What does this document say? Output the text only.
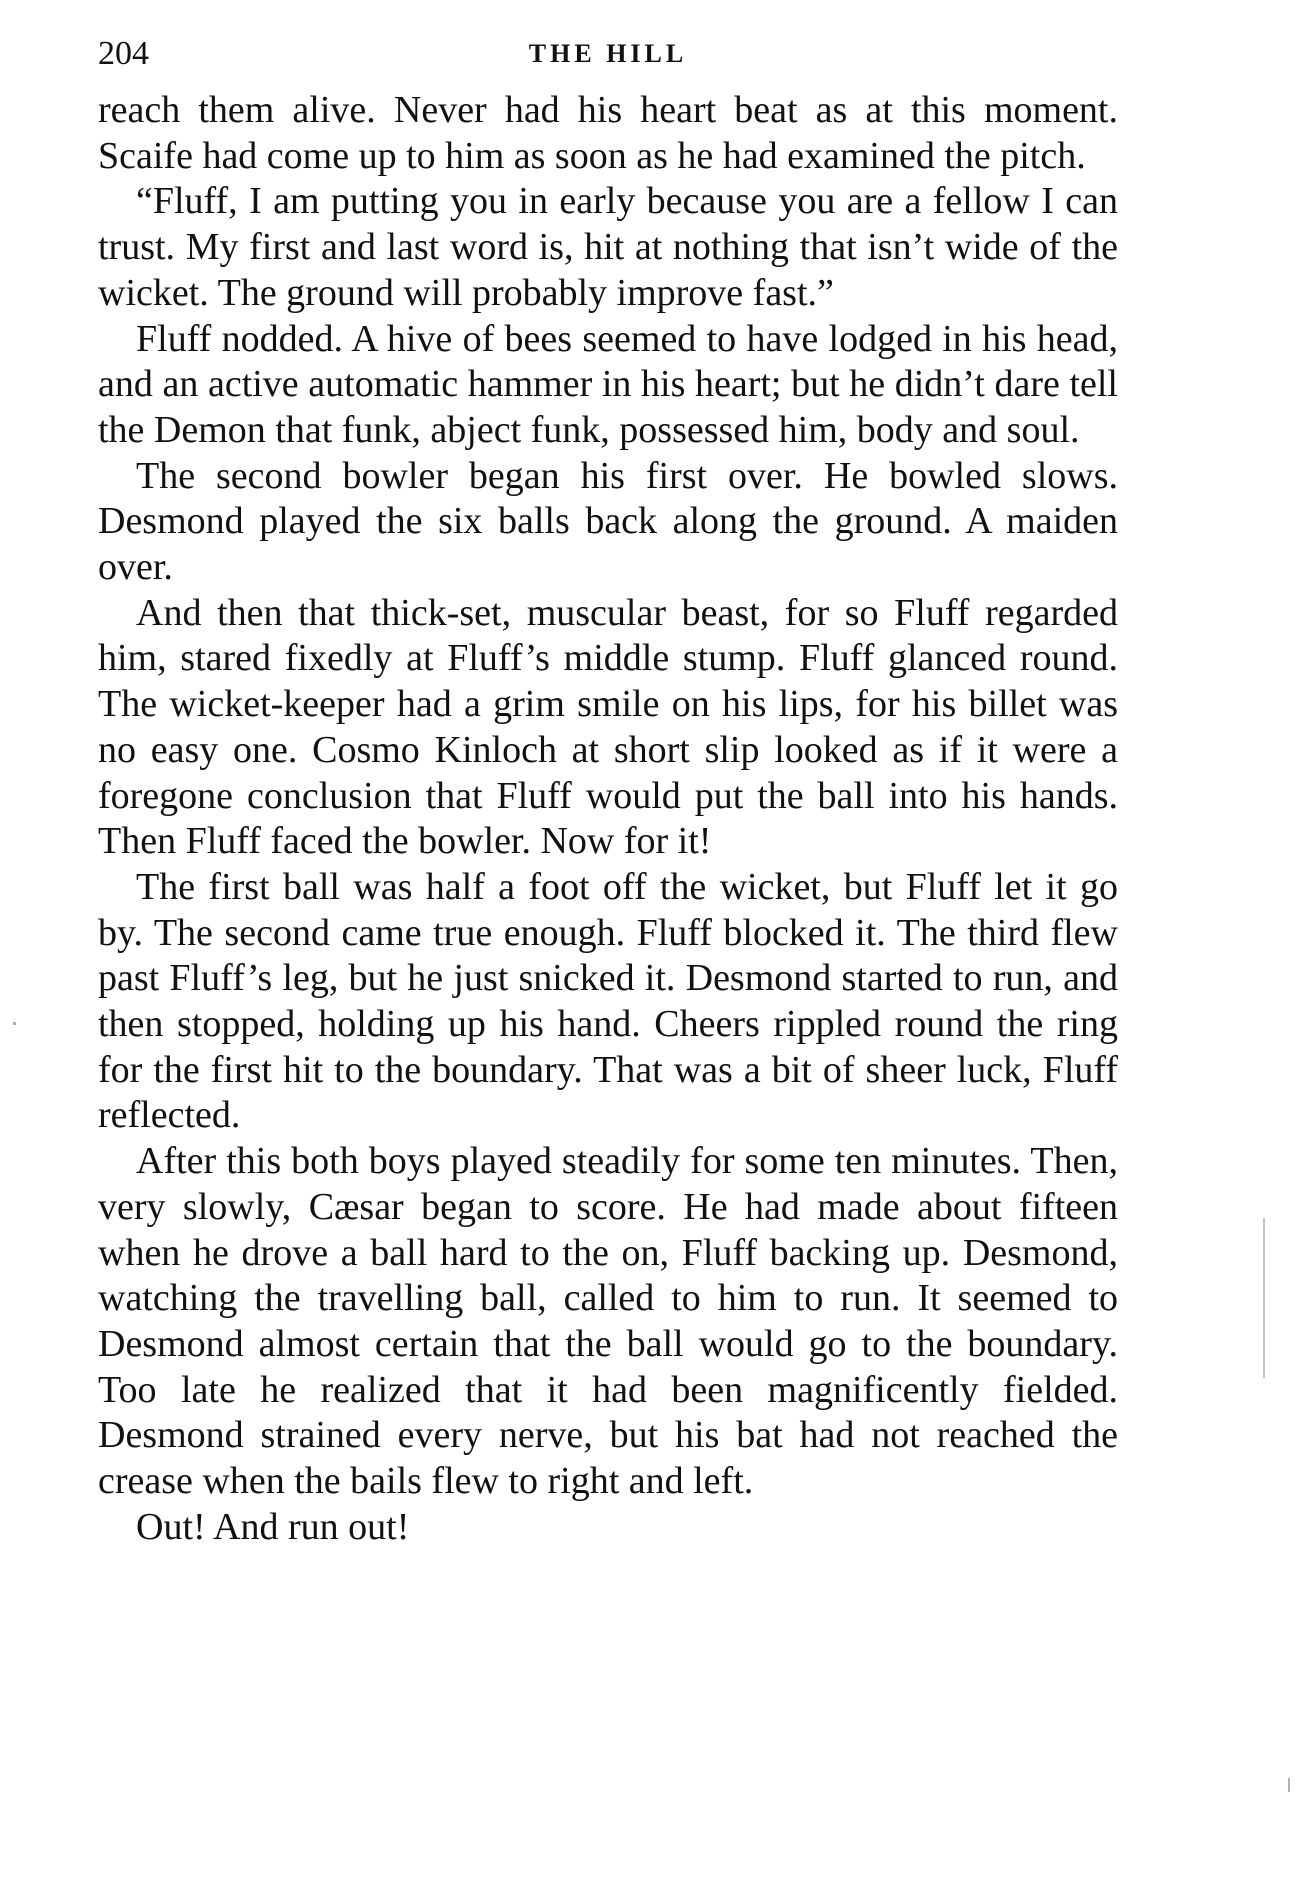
204	THE HILL

reach them alive. Never had his heart beat as at this moment. Scaife had come up to him as soon as he had examined the pitch.

“Fluff, I am putting you in early because you are a fellow I can trust. My first and last word is, hit at nothing that isn’t wide of the wicket. The ground will probably improve fast.”

Fluff nodded. A hive of bees seemed to have lodged in his head, and an active automatic hammer in his heart; but he didn’t dare tell the Demon that funk, abject funk, possessed him, body and soul.

The second bowler began his first over. He bowled slows. Desmond played the six balls back along the ground. A maiden over.

And then that thick-set, muscular beast, for so Fluff regarded him, stared fixedly at Fluff’s middle stump. Fluff glanced round. The wicket-keeper had a grim smile on his lips, for his billet was no easy one. Cosmo Kinloch at short slip looked as if it were a foregone conclusion that Fluff would put the ball into his hands. Then Fluff faced the bowler. Now for it!

The first ball was half a foot off the wicket, but Fluff let it go by. The second came true enough. Fluff blocked it. The third flew past Fluff’s leg, but he just snicked it. Desmond started to run, and then stopped, holding up his hand. Cheers rippled round the ring for the first hit to the boundary. That was a bit of sheer luck, Fluff reflected.

After this both boys played steadily for some ten minutes. Then, very slowly, Cæsar began to score. He had made about fifteen when he drove a ball hard to the on, Fluff backing up. Desmond, watching the travelling ball, called to him to run. It seemed to Desmond almost certain that the ball would go to the boundary. Too late he realized that it had been magnificently fielded. Desmond strained every nerve, but his bat had not reached the crease when the bails flew to right and left.

Out! And run out!
